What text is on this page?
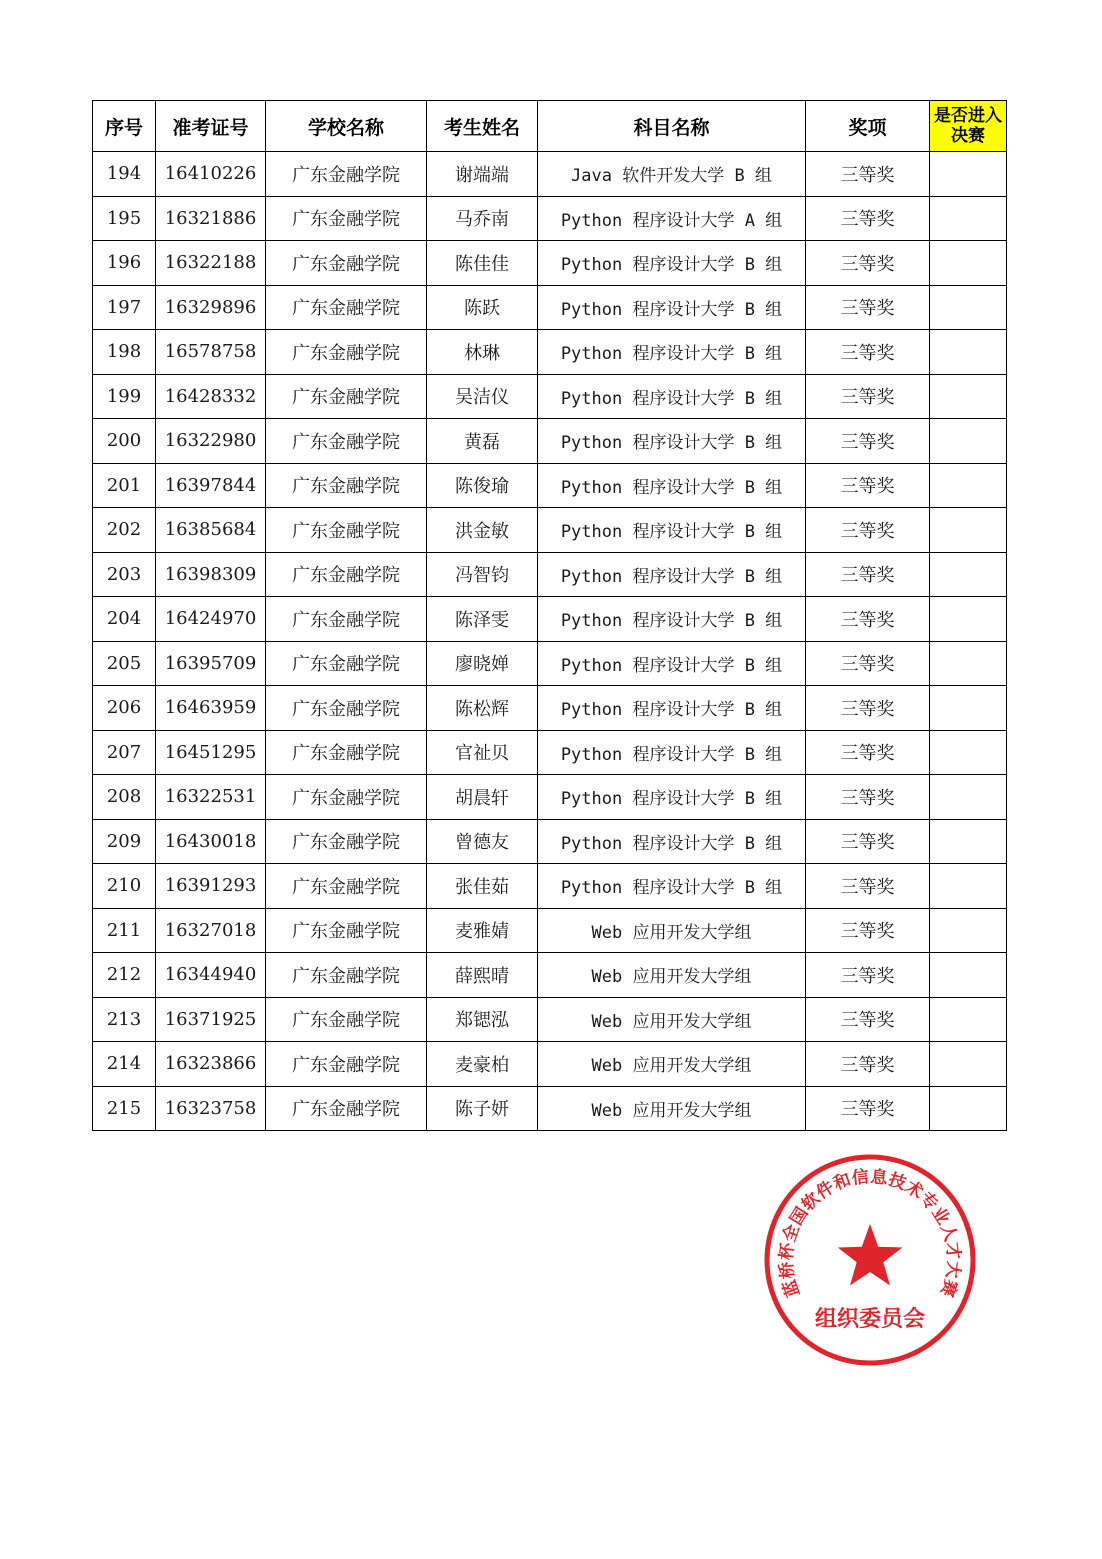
序号	准考证号	学校名称	考生姓名	科目名称	奖项	是否进入决赛
194	16410226	广东金融学院	谢端端	Java 软件开发大学 B 组	三等奖	
195	16321886	广东金融学院	马乔南	Python 程序设计大学 A 组	三等奖	
196	16322188	广东金融学院	陈佳佳	Python 程序设计大学 B 组	三等奖	
197	16329896	广东金融学院	陈跃	Python 程序设计大学 B 组	三等奖	
198	16578758	广东金融学院	林琳	Python 程序设计大学 B 组	三等奖	
199	16428332	广东金融学院	吴洁仪	Python 程序设计大学 B 组	三等奖	
200	16322980	广东金融学院	黄磊	Python 程序设计大学 B 组	三等奖	
201	16397844	广东金融学院	陈俊瑜	Python 程序设计大学 B 组	三等奖	
202	16385684	广东金融学院	洪金敏	Python 程序设计大学 B 组	三等奖	
203	16398309	广东金融学院	冯智钧	Python 程序设计大学 B 组	三等奖	
204	16424970	广东金融学院	陈泽雯	Python 程序设计大学 B 组	三等奖	
205	16395709	广东金融学院	廖晓婵	Python 程序设计大学 B 组	三等奖	
206	16463959	广东金融学院	陈松辉	Python 程序设计大学 B 组	三等奖	
207	16451295	广东金融学院	官祉贝	Python 程序设计大学 B 组	三等奖	
208	16322531	广东金融学院	胡晨轩	Python 程序设计大学 B 组	三等奖	
209	16430018	广东金融学院	曾德友	Python 程序设计大学 B 组	三等奖	
210	16391293	广东金融学院	张佳茹	Python 程序设计大学 B 组	三等奖	
211	16327018	广东金融学院	麦雅婧	Web 应用开发大学组	三等奖	
212	16344940	广东金融学院	薛熙晴	Web 应用开发大学组	三等奖	
213	16371925	广东金融学院	郑锶泓	Web 应用开发大学组	三等奖	
214	16323866	广东金融学院	麦豪柏	Web 应用开发大学组	三等奖	
215	16323758	广东金融学院	陈子妍	Web 应用开发大学组	三等奖	
蓝桥杯全国软件和信息技术专业人才大赛
组织委员会
